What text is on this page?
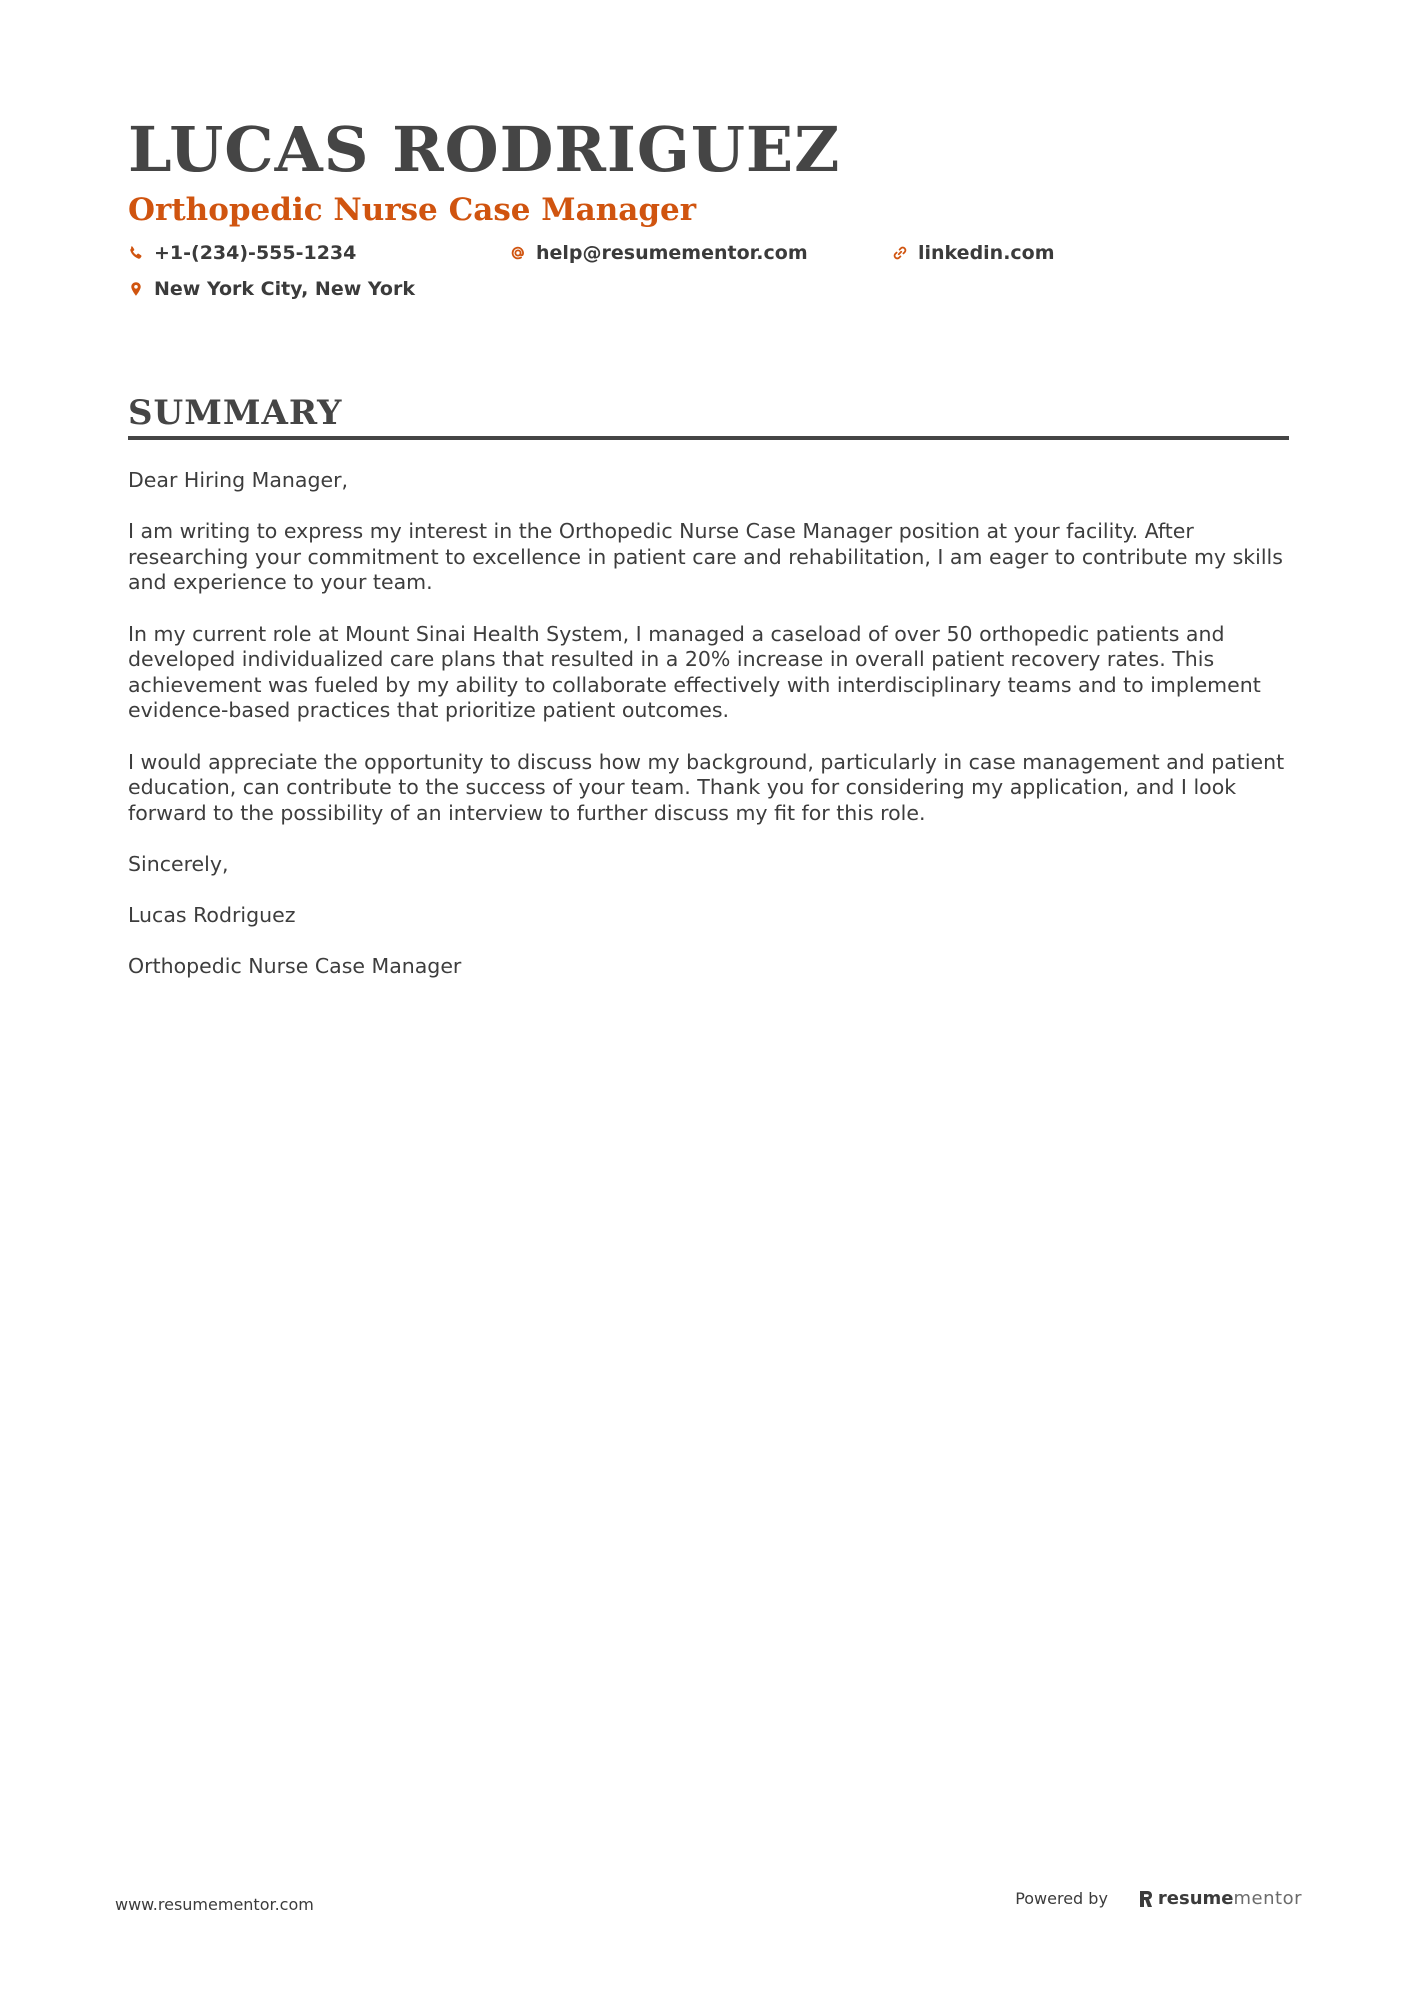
LUCAS RODRIGUEZ
Orthopedic Nurse Case Manager
+1-(234)-555-1234	help@resumementor.com	linkedin.com
New York City, New York
SUMMARY

Dear Hiring Manager,

I am writing to express my interest in the Orthopedic Nurse Case Manager position at your facility. After researching your commitment to excellence in patient care and rehabilitation, I am eager to contribute my skills and experience to your team.

In my current role at Mount Sinai Health System, I managed a caseload of over 50 orthopedic patients and developed individualized care plans that resulted in a 20% increase in overall patient recovery rates. This achievement was fueled by my ability to collaborate effectively with interdisciplinary teams and to implement evidence-based practices that prioritize patient outcomes.

I would appreciate the opportunity to discuss how my background, particularly in case management and patient education, can contribute to the success of your team. Thank you for considering my application, and I look forward to the possibility of an interview to further discuss my fit for this role.

Sincerely,

Lucas Rodriguez

Orthopedic Nurse Case Manager

www.resumementor.com	Powered by	resume mentor
